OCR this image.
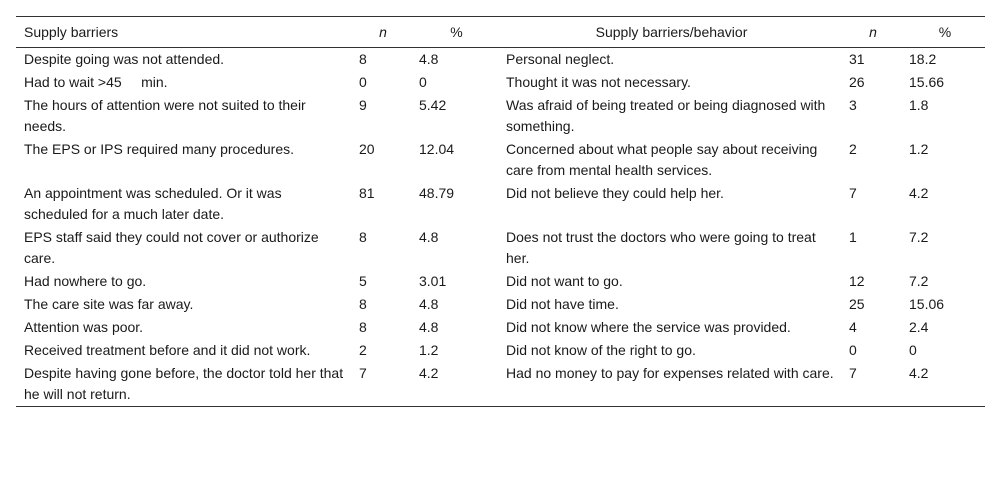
Supply barriers	n	%	Supply barriers/behavior	n	%
Despite going was not attended.	8	4.8	Personal neglect.	31	18.2
Had to wait >45     min.	0	0	Thought it was not necessary.	26	15.66
The hours of attention were not suited to their needs.	9	5.42	Was afraid of being treated or being diagnosed with something.	3	1.8
The EPS or IPS required many procedures.	20	12.04	Concerned about what people say about receiving care from mental health services.	2	1.2
An appointment was scheduled. Or it was scheduled for a much later date.	81	48.79	Did not believe they could help her.	7	4.2
EPS staff said they could not cover or authorize care.	8	4.8	Does not trust the doctors who were going to treat her.	1	7.2
Had nowhere to go.	5	3.01	Did not want to go.	12	7.2
The care site was far away.	8	4.8	Did not have time.	25	15.06
Attention was poor.	8	4.8	Did not know where the service was provided.	4	2.4
Received treatment before and it did not work.	2	1.2	Did not know of the right to go.	0	0
Despite having gone before, the doctor told her that he will not return.	7	4.2	Had no money to pay for expenses related with care.	7	4.2
